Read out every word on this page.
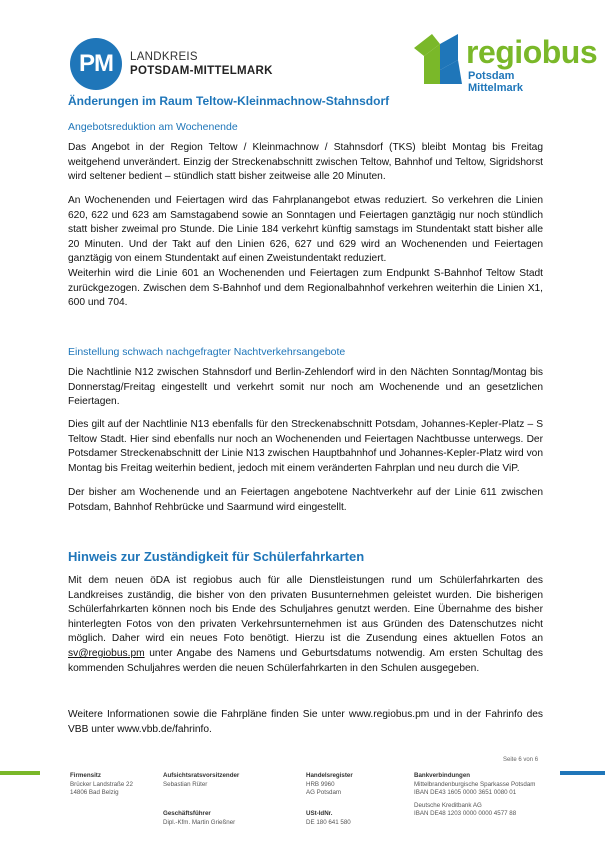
PM	LANDKREIS
POTSDAM-MITTELMARK
regiobus
Potsdam Mittelmark
Änderungen im Raum Teltow-Kleinmachnow-Stahnsdorf
Angebotsreduktion am Wochenende

Das Angebot in der Region Teltow / Kleinmachnow / Stahnsdorf (TKS) bleibt Montag bis Freitag weitgehend unverändert. Einzig der Streckenabschnitt zwischen Teltow, Bahnhof und Teltow, Sigridshorst wird seltener bedient – stündlich statt bisher zeitweise alle 20 Minuten.

An Wochenenden und Feiertagen wird das Fahrplanangebot etwas reduziert. So verkehren die Linien 620, 622 und 623 am Samstagabend sowie an Sonntagen und Feiertagen ganztägig nur noch stündlich statt bisher zweimal pro Stunde. Die Linie 184 verkehrt künftig samstags im Stundentakt statt bisher alle 20 Minuten. Und der Takt auf den Linien 626, 627 und 629 wird an Wochenenden und Feiertagen ganztägig von einem Stundentakt auf einen Zweistundentakt reduziert.

Weiterhin wird die Linie 601 an Wochenenden und Feiertagen zum Endpunkt S-Bahnhof Teltow Stadt zurückgezogen. Zwischen dem S-Bahnhof und dem Regionalbahnhof verkehren weiterhin die Linien X1, 600 und 704.

Einstellung schwach nachgefragter Nachtverkehrsangebote

Die Nachtlinie N12 zwischen Stahnsdorf und Berlin-Zehlendorf wird in den Nächten Sonntag/Montag bis Donnerstag/Freitag eingestellt und verkehrt somit nur noch am Wochenende und an gesetzlichen Feiertagen.

Dies gilt auf der Nachtlinie N13 ebenfalls für den Streckenabschnitt Potsdam, Johannes-Kepler-Platz – S Teltow Stadt. Hier sind ebenfalls nur noch an Wochenenden und Feiertagen Nachtbusse unterwegs. Der Potsdamer Streckenabschnitt der Linie N13 zwischen Hauptbahnhof und Johannes-Kepler-Platz wird von Montag bis Freitag weiterhin bedient, jedoch mit einem veränderten Fahrplan und neu durch die ViP.

Der bisher am Wochenende und an Feiertagen angebotene Nachtverkehr auf der Linie 611 zwischen Potsdam, Bahnhof Rehbrücke und Saarmund wird eingestellt.

Hinweis zur Zuständigkeit für Schülerfahrkarten

Mit dem neuen öDA ist regiobus auch für alle Dienstleistungen rund um Schülerfahrkarten des Landkreises zuständig, die bisher von den privaten Busunternehmen geleistet wurden. Die bisherigen Schülerfahrkarten können noch bis Ende des Schuljahres genutzt werden. Eine Übernahme des bisher hinterlegten Fotos von den privaten Verkehrsunternehmen ist aus Gründen des Datenschutzes nicht möglich. Daher wird ein neues Foto benötigt. Hierzu ist die Zusendung eines aktuellen Fotos an sv@regiobus.pm unter Angabe des Namens und Geburtsdatums notwendig. Am ersten Schultag des kommenden Schuljahres werden die neuen Schülerfahrkarten in den Schulen ausgegeben.

Weitere Informationen sowie die Fahrpläne finden Sie unter www.regiobus.pm und in der Fahrinfo des VBB unter www.vbb.de/fahrinfo.

Seite 6 von 6
Firmensitz
Brücker Landstraße 22
14806 Bad Belzig
Aufsichtsratsvorsitzender
Sebastian Rüter
Geschäftsführer
Dipl.-Kfm. Martin Grießner
Handelsregister
HRB 9960
AG Potsdam
USt-IdNr.
DE 180 641 580
Bankverbindungen
Mittelbrandenburgische Sparkasse Potsdam
IBAN DE43 1605 0000 3651 0080 01
Deutsche Kreditbank AG
IBAN DE48 1203 0000 0000 4577 88
